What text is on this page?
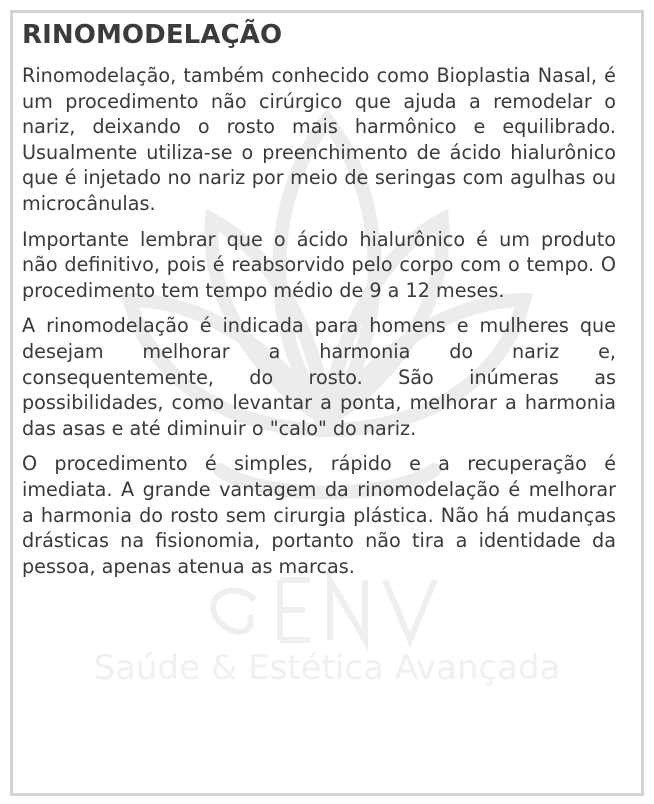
RINOMODELAÇÃO

Rinomodelação, também conhecido como Bioplastia Nasal, é um procedimento não cirúrgico que ajuda a remodelar o nariz, deixando o rosto mais harmônico e equilibrado. Usualmente utiliza-se o preenchimento de ácido hialurônico que é injetado no nariz por meio de seringas com agulhas ou microcânulas.

Importante lembrar que o ácido hialurônico é um produto não definitivo, pois é reabsorvido pelo corpo com o tempo. O procedimento tem tempo médio de 9 a 12 meses.

A rinomodelação é indicada para homens e mulheres que desejam melhorar a harmonia do nariz e, consequentemente, do rosto. São inúmeras as possibilidades, como levantar a ponta, melhorar a harmonia das asas e até diminuir o "calo" do nariz.

O procedimento é simples, rápido e a recuperação é imediata. A grande vantagem da rinomodelação é melhorar a harmonia do rosto sem cirurgia plástica. Não há mudanças drásticas na fisionomia, portanto não tira a identidade da pessoa, apenas atenua as marcas.

Saúde & Estética Avançada
